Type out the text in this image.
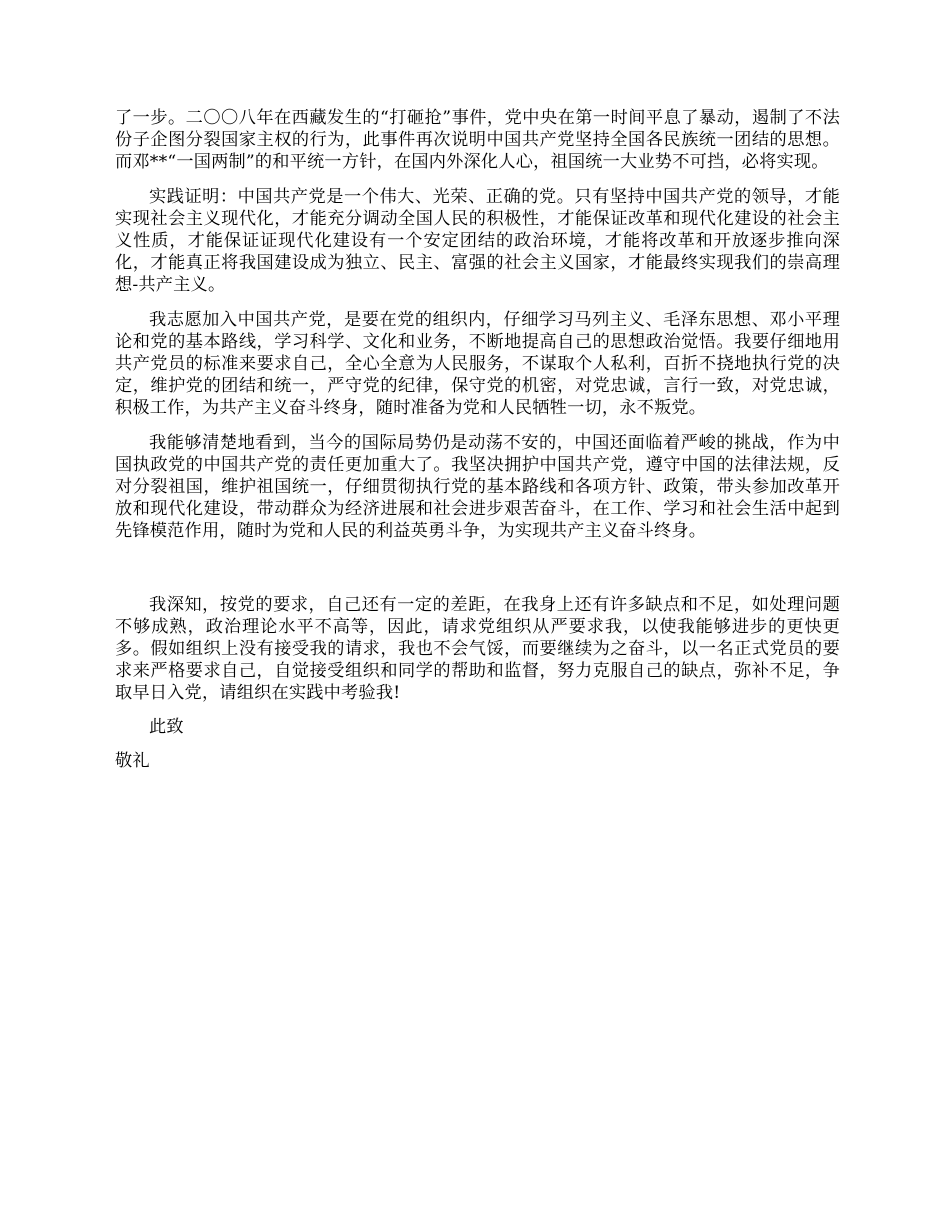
了一步。二〇〇八年在西藏发生的“打砸抢”事件，党中央在第一时间平息了暴动，遏制了不法份子企图分裂国家主权的行为，此事件再次说明中国共产党坚持全国各民族统一团结的思想。而邓**“一国两制”的和平统一方针，在国内外深化人心，祖国统一大业势不可挡，必将实现。

实践证明：中国共产党是一个伟大、光荣、正确的党。只有坚持中国共产党的领导，才能实现社会主义现代化，才能充分调动全国人民的积极性，才能保证改革和现代化建设的社会主义性质，才能保证证现代化建设有一个安定团结的政治环境，才能将改革和开放逐步推向深化，才能真正将我国建设成为独立、民主、富强的社会主义国家，才能最终实现我们的崇高理想-共产主义。

我志愿加入中国共产党，是要在党的组织内，仔细学习马列主义、毛泽东思想、邓小平理论和党的基本路线，学习科学、文化和业务，不断地提高自己的思想政治觉悟。我要仔细地用共产党员的标准来要求自己，全心全意为人民服务，不谋取个人私利，百折不挠地执行党的决定，维护党的团结和统一，严守党的纪律，保守党的机密，对党忠诚，言行一致，对党忠诚，积极工作，为共产主义奋斗终身，随时准备为党和人民牺牲一切，永不叛党。

我能够清楚地看到，当今的国际局势仍是动荡不安的，中国还面临着严峻的挑战，作为中国执政党的中国共产党的责任更加重大了。我坚决拥护中国共产党，遵守中国的法律法规，反对分裂祖国，维护祖国统一，仔细贯彻执行党的基本路线和各项方针、政策，带头参加改革开放和现代化建设，带动群众为经济进展和社会进步艰苦奋斗，在工作、学习和社会生活中起到先锋模范作用，随时为党和人民的利益英勇斗争，为实现共产主义奋斗终身。

我深知，按党的要求，自己还有一定的差距，在我身上还有许多缺点和不足，如处理问题不够成熟，政治理论水平不高等，因此，请求党组织从严要求我，以使我能够进步的更快更多。假如组织上没有接受我的请求，我也不会气馁，而要继续为之奋斗，以一名正式党员的要求来严格要求自己，自觉接受组织和同学的帮助和监督，努力克服自己的缺点，弥补不足，争取早日入党，请组织在实践中考验我!

此致

敬礼
